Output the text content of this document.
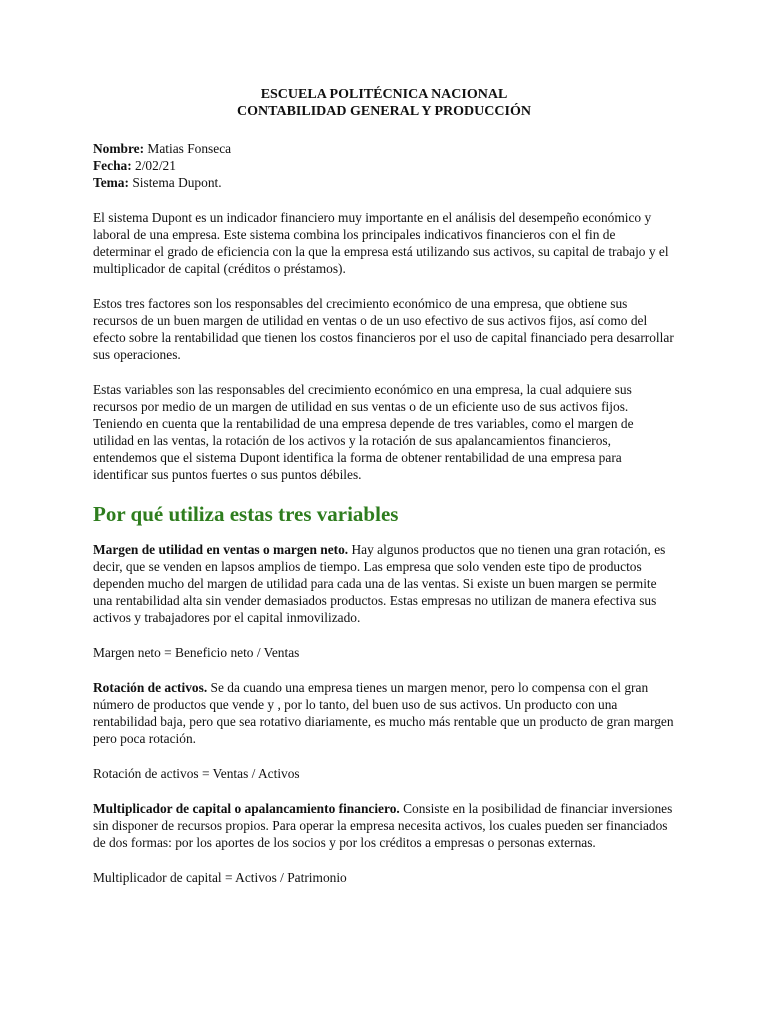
ESCUELA POLITÉCNICA NACIONAL
CONTABILIDAD GENERAL Y PRODUCCIÓN
Nombre: Matias Fonseca
Fecha: 2/02/21
Tema: Sistema Dupont.

El sistema Dupont es un indicador financiero muy importante en el análisis del desempeño económico y laboral de una empresa. Este sistema combina los principales indicativos financieros con el fin de determinar el grado de eficiencia con la que la empresa está utilizando sus activos, su capital de trabajo y el multiplicador de capital (créditos o préstamos).

Estos tres factores son los responsables del crecimiento económico de una empresa, que obtiene sus recursos de un buen margen de utilidad en ventas o de un uso efectivo de sus activos fijos, así como del efecto sobre la rentabilidad que tienen los costos financieros por el uso de capital financiado pera desarrollar sus operaciones.

Estas variables son las responsables del crecimiento económico en una empresa, la cual adquiere sus recursos por medio de un margen de utilidad en sus ventas o de un eficiente uso de sus activos fijos. Teniendo en cuenta que la rentabilidad de una empresa depende de tres variables, como el margen de utilidad en las ventas, la rotación de los activos y la rotación de sus apalancamientos financieros, entendemos que el sistema Dupont identifica la forma de obtener rentabilidad de una empresa para identificar sus puntos fuertes o sus puntos débiles.

Por qué utiliza estas tres variables

Margen de utilidad en ventas o margen neto. Hay algunos productos que no tienen una gran rotación, es decir, que se venden en lapsos amplios de tiempo. Las empresa que solo venden este tipo de productos dependen mucho del margen de utilidad para cada una de las ventas. Si existe un buen margen se permite una rentabilidad alta sin vender demasiados productos. Estas empresas no utilizan de manera efectiva sus activos y trabajadores por el capital inmovilizado.

Margen neto = Beneficio neto / Ventas

Rotación de activos. Se da cuando una empresa tienes un margen menor, pero lo compensa con el gran número de productos que vende y , por lo tanto, del buen uso de sus activos. Un producto con una rentabilidad baja, pero que sea rotativo diariamente, es mucho más rentable que un producto de gran margen pero poca rotación.

Rotación de activos = Ventas / Activos

Multiplicador de capital o apalancamiento financiero. Consiste en la posibilidad de financiar inversiones sin disponer de recursos propios. Para operar la empresa necesita activos, los cuales pueden ser financiados de dos formas: por los aportes de los socios y por los créditos a empresas o personas externas.

Multiplicador de capital = Activos / Patrimonio
